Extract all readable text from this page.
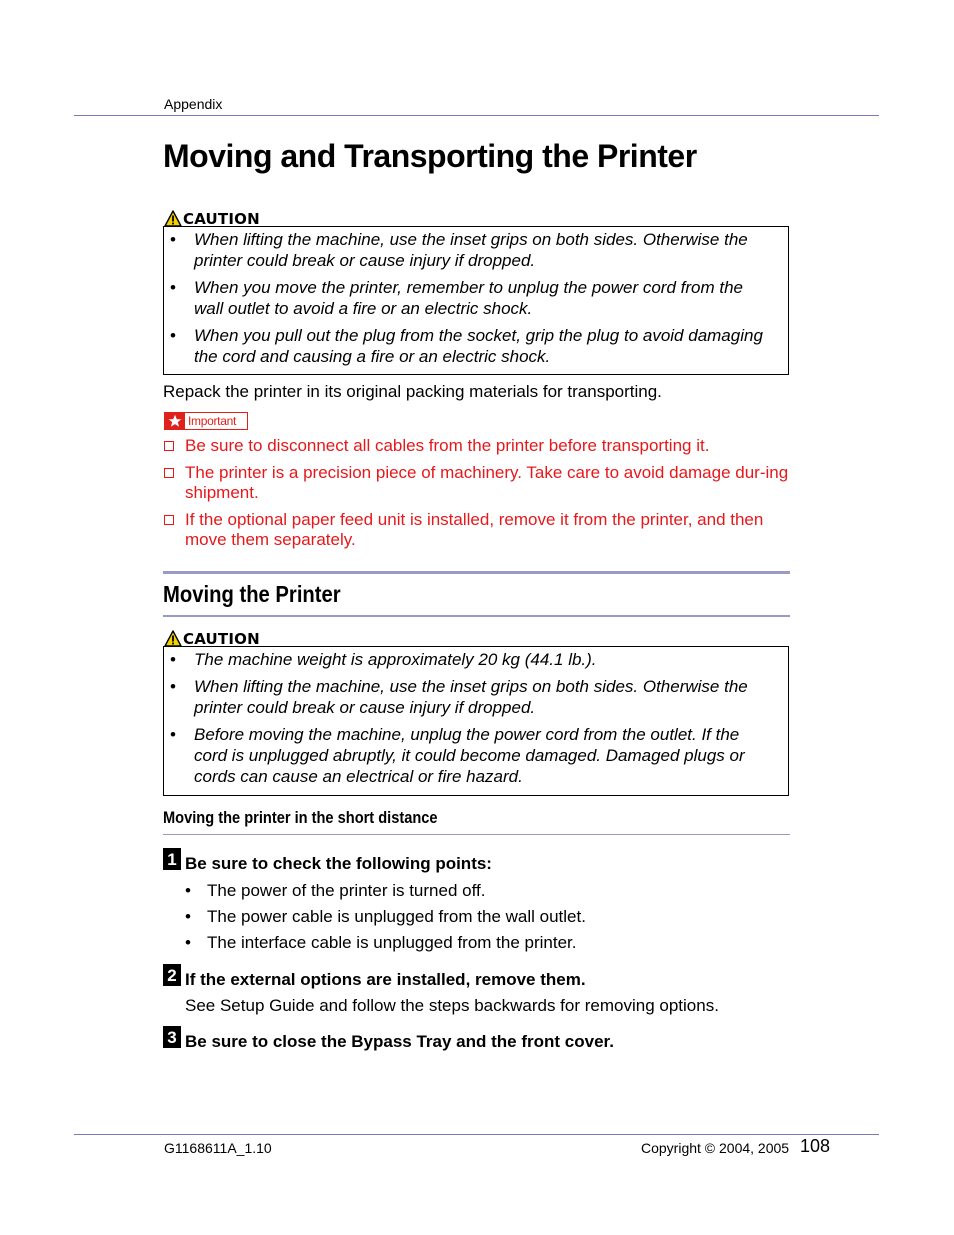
Appendix
Moving and Transporting the Printer
CAUTION
• When lifting the machine, use the inset grips on both sides. Otherwise the printer could break or cause injury if dropped.
• When you move the printer, remember to unplug the power cord from the wall outlet to avoid a fire or an electric shock.
• When you pull out the plug from the socket, grip the plug to avoid damaging the cord and causing a fire or an electric shock.
Repack the printer in its original packing materials for transporting.
Important
Be sure to disconnect all cables from the printer before transporting it.
The printer is a precision piece of machinery. Take care to avoid damage dur-ing shipment.
If the optional paper feed unit is installed, remove it from the printer, and then move them separately.
Moving the Printer
CAUTION
• The machine weight is approximately 20 kg (44.1 lb.).
• When lifting the machine, use the inset grips on both sides. Otherwise the printer could break or cause injury if dropped.
• Before moving the machine, unplug the power cord from the outlet. If the cord is unplugged abruptly, it could become damaged. Damaged plugs or cords can cause an electrical or fire hazard.
Moving the printer in the short distance
1 Be sure to check the following points:
• The power of the printer is turned off.
• The power cable is unplugged from the wall outlet.
• The interface cable is unplugged from the printer.
2 If the external options are installed, remove them.
See Setup Guide and follow the steps backwards for removing options.
3 Be sure to close the Bypass Tray and the front cover.
G1168611A_1.10	Copyright © 2004, 2005 108
